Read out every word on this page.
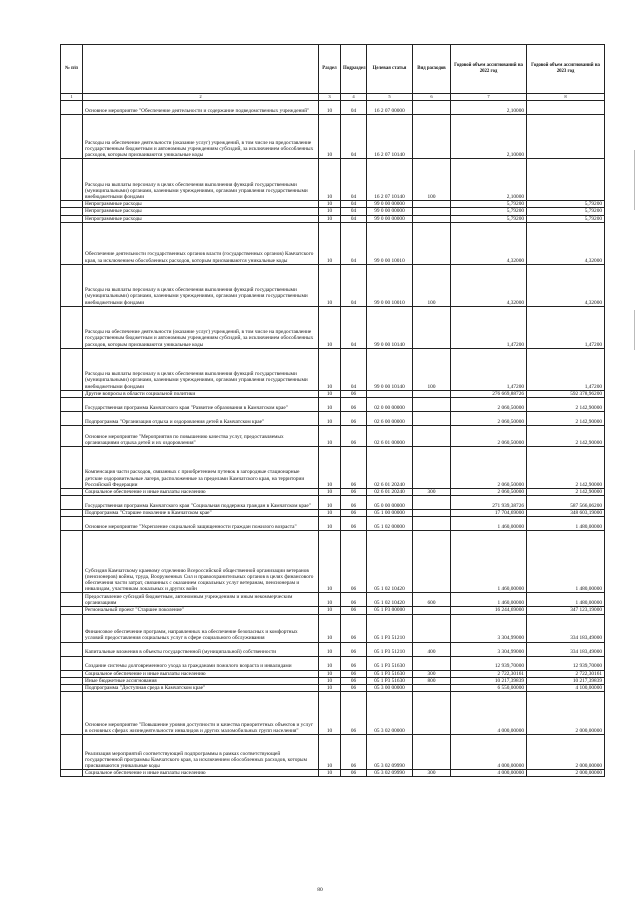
№ п/п		Раздел	Подраздел	Целевая статья	Вид расходов	Годовой объем ассигнований на 2022 год	Годовой объем ассигнований на 2023 год
1	2	3	4	5	6	7	8
	Основное мероприятие "Обеспечение деятельности и содержание подведомственных учреждений"	10	04	16 2 07 00000		2,10000	
	Расходы на обеспечение деятельности (оказание услуг) учреждений, в том числе на предоставление государственным бюджетным и автономным учреждениям субсидий, за исключением обособленных расходов, которым присваиваются уникальные коды	10	04	16 2 07 10140		2,10000	
	Расходы на выплаты персоналу в целях обеспечения выполнения функций государственными (муниципальными) органами, казенными учреждениями, органами управления государственными внебюджетными фондами	10	04	16 2 07 10140	100	2,10000	
	Непрограммные расходы	10	04	99 0 00 00000		5,79200	5,79200
	Непрограммные расходы	10	04	99 0 00 00000		5,79200	5,79200
	Непрограммные расходы	10	04	99 0 00 00000		5,79200	5,79200
	Обеспечение деятельности государственных органов власти (государственных органов) Камчатского края, за исключением обособленных расходов, которым присваиваются уникальные коды	10	04	99 0 00 10010		4,32000	4,32000
	Расходы на выплаты персоналу в целях обеспечения выполнения функций государственными (муниципальными) органами, казенными учреждениями, органами управления государственными внебюджетными фондами	10	04	99 0 00 10010	100	4,32000	4,32000
	Расходы на обеспечение деятельности (оказание услуг) учреждений, в том числе на предоставление государственным бюджетным и автономным учреждениям субсидий, за исключением обособленных расходов, которым присваиваются уникальные коды	10	04	99 0 00 10140		1,47200	1,47200
	Расходы на выплаты персоналу в целях обеспечения выполнения функций государственными (муниципальными) органами, казенными учреждениями, органами управления государственными внебюджетными фондами	10	04	99 0 00 10140	100	1,47200	1,47200
	Другие вопросы в области социальной политики	10	06			276 669,88726	592 378,96200
	Государственная программа Камчатского края "Развитие образования в Камчатском крае"	10	06	02 0 00 00000		2 060,50000	2 142,90000
	Подпрограмма "Организация отдыха и оздоровления детей в Камчатском крае"	10	06	02 6 00 00000		2 060,50000	2 142,90000
	Основное мероприятие "Мероприятия по повышению качества услуг, предоставляемых организациями отдыха детей и их оздоровления"	10	06	02 6 01 00000		2 060,50000	2 142,90000
	Компенсация части расходов, связанных с приобретением путевок в загородные стационарные детские оздоровительные лагеря, расположенные за пределами Камчатского края, на территории Российской Федерации	10	06	02 6 01 20240		2 060,50000	2 142,90000
	Социальное обеспечение и иные выплаты населению	10	06	02 6 01 20240	300	2 060,50000	2 142,90000
	Государственная программа Камчатского края "Социальная поддержка граждан в Камчатском крае"	10	06	05 0 00 00000		271 939,38726	587 566,06200
	Подпрограмма "Старшее поколение в Камчатском крае"	10	06	05 1 00 00000		17 704,69000	348 603,19000
	Основное мероприятие "Укрепление социальной защищенности граждан пожилого возраста"	10	06	05 1 02 00000		1 460,00000	1 480,00000
	Субсидия Камчатскому краевому отделению Всероссийской общественной организации ветеранов (пенсионеров) войны, труда, Вооруженных Сил и правоохранительных органов в целях финансового обеспечения части затрат, связанных с оказанием социальных услуг ветеранам, пенсионерам и инвалидам, участникам локальных и других войн	10	06	05 1 02 10420		1 460,00000	1 480,00000
	Предоставление субсидий бюджетным, автономным учреждениям и иным некоммерческим организациям	10	06	05 1 02 10420	600	1 460,00000	1 480,00000
	Региональный проект "Старшее поколение"	10	06	05 1 P3 00000		16 244,69000	347 123,19000
	Финансовое обеспечение программ, направленных на обеспечение безопасных и комфортных условий предоставления социальных услуг в сфере социального обслуживания	10	06	05 1 P3 51210		3 304,99000	334 183,49000
	Капитальные вложения в объекты государственной (муниципальной) собственности	10	06	05 1 P3 51210	400	3 304,99000	334 183,49000
	Создание системы долговременного ухода за гражданами пожилого возраста и инвалидами	10	06	05 1 P3 51630		12 939,70000	12 939,70000
	Социальное обеспечение и иные выплаты населению	10	06	05 1 P3 51630	300	2 722,30161	2 722,30161
	Иные бюджетные ассигнования	10	06	05 1 P3 51630	800	10 217,39839	10 217,39839
	Подпрограмма "Доступная среда в Камчатском крае"	10	06	05 3 00 00000		6 550,00000	4 100,00000
	Основное мероприятие "Повышение уровня доступности и качества приоритетных объектов и услуг в основных сферах жизнедеятельности инвалидов и других маломобильных групп населения"	10	06	05 3 02 00000		4 000,00000	2 000,00000
	Реализация мероприятий соответствующей подпрограммы в рамках соответствующей государственной программы Камчатского края, за исключением обособленных расходов, которым присваиваются уникальные коды	10	06	05 3 02 09990		4 000,00000	2 000,00000
	Социальное обеспечение и иные выплаты населению	10	06	05 3 02 09990	300	4 000,00000	2 000,00000
80
